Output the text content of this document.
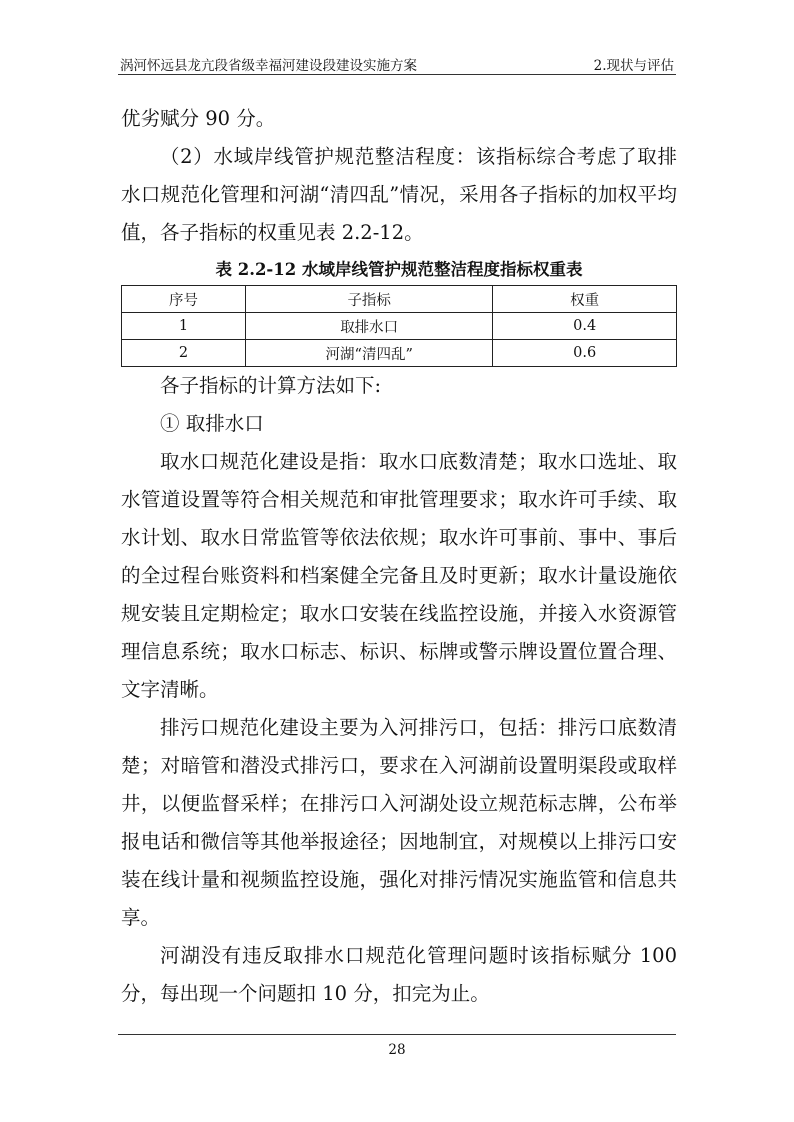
涡河怀远县龙亢段省级幸福河建设段建设实施方案	2.现状与评估

优劣赋分 90 分。

（2）水域岸线管护规范整洁程度：该指标综合考虑了取排水口规范化管理和河湖“清四乱”情况，采用各子指标的加权平均值，各子指标的权重见表 2.2-12。

表 2.2-12 水域岸线管护规范整洁程度指标权重表
序号	子指标	权重
1	取排水口	0.4
2	河湖“清四乱”	0.6

各子指标的计算方法如下:

① 取排水口

取水口规范化建设是指：取水口底数清楚；取水口选址、取水管道设置等符合相关规范和审批管理要求；取水许可手续、取水计划、取水日常监管等依法依规；取水许可事前、事中、事后的全过程台账资料和档案健全完备且及时更新；取水计量设施依规安装且定期检定；取水口安装在线监控设施，并接入水资源管理信息系统；取水口标志、标识、标牌或警示牌设置位置合理、文字清晰。

排污口规范化建设主要为入河排污口，包括：排污口底数清楚；对暗管和潜没式排污口，要求在入河湖前设置明渠段或取样井，以便监督采样；在排污口入河湖处设立规范标志牌，公布举报电话和微信等其他举报途径；因地制宜，对规模以上排污口安装在线计量和视频监控设施，强化对排污情况实施监管和信息共享。

河湖没有违反取排水口规范化管理问题时该指标赋分 100 分，每出现一个问题扣 10 分，扣完为止。

28
